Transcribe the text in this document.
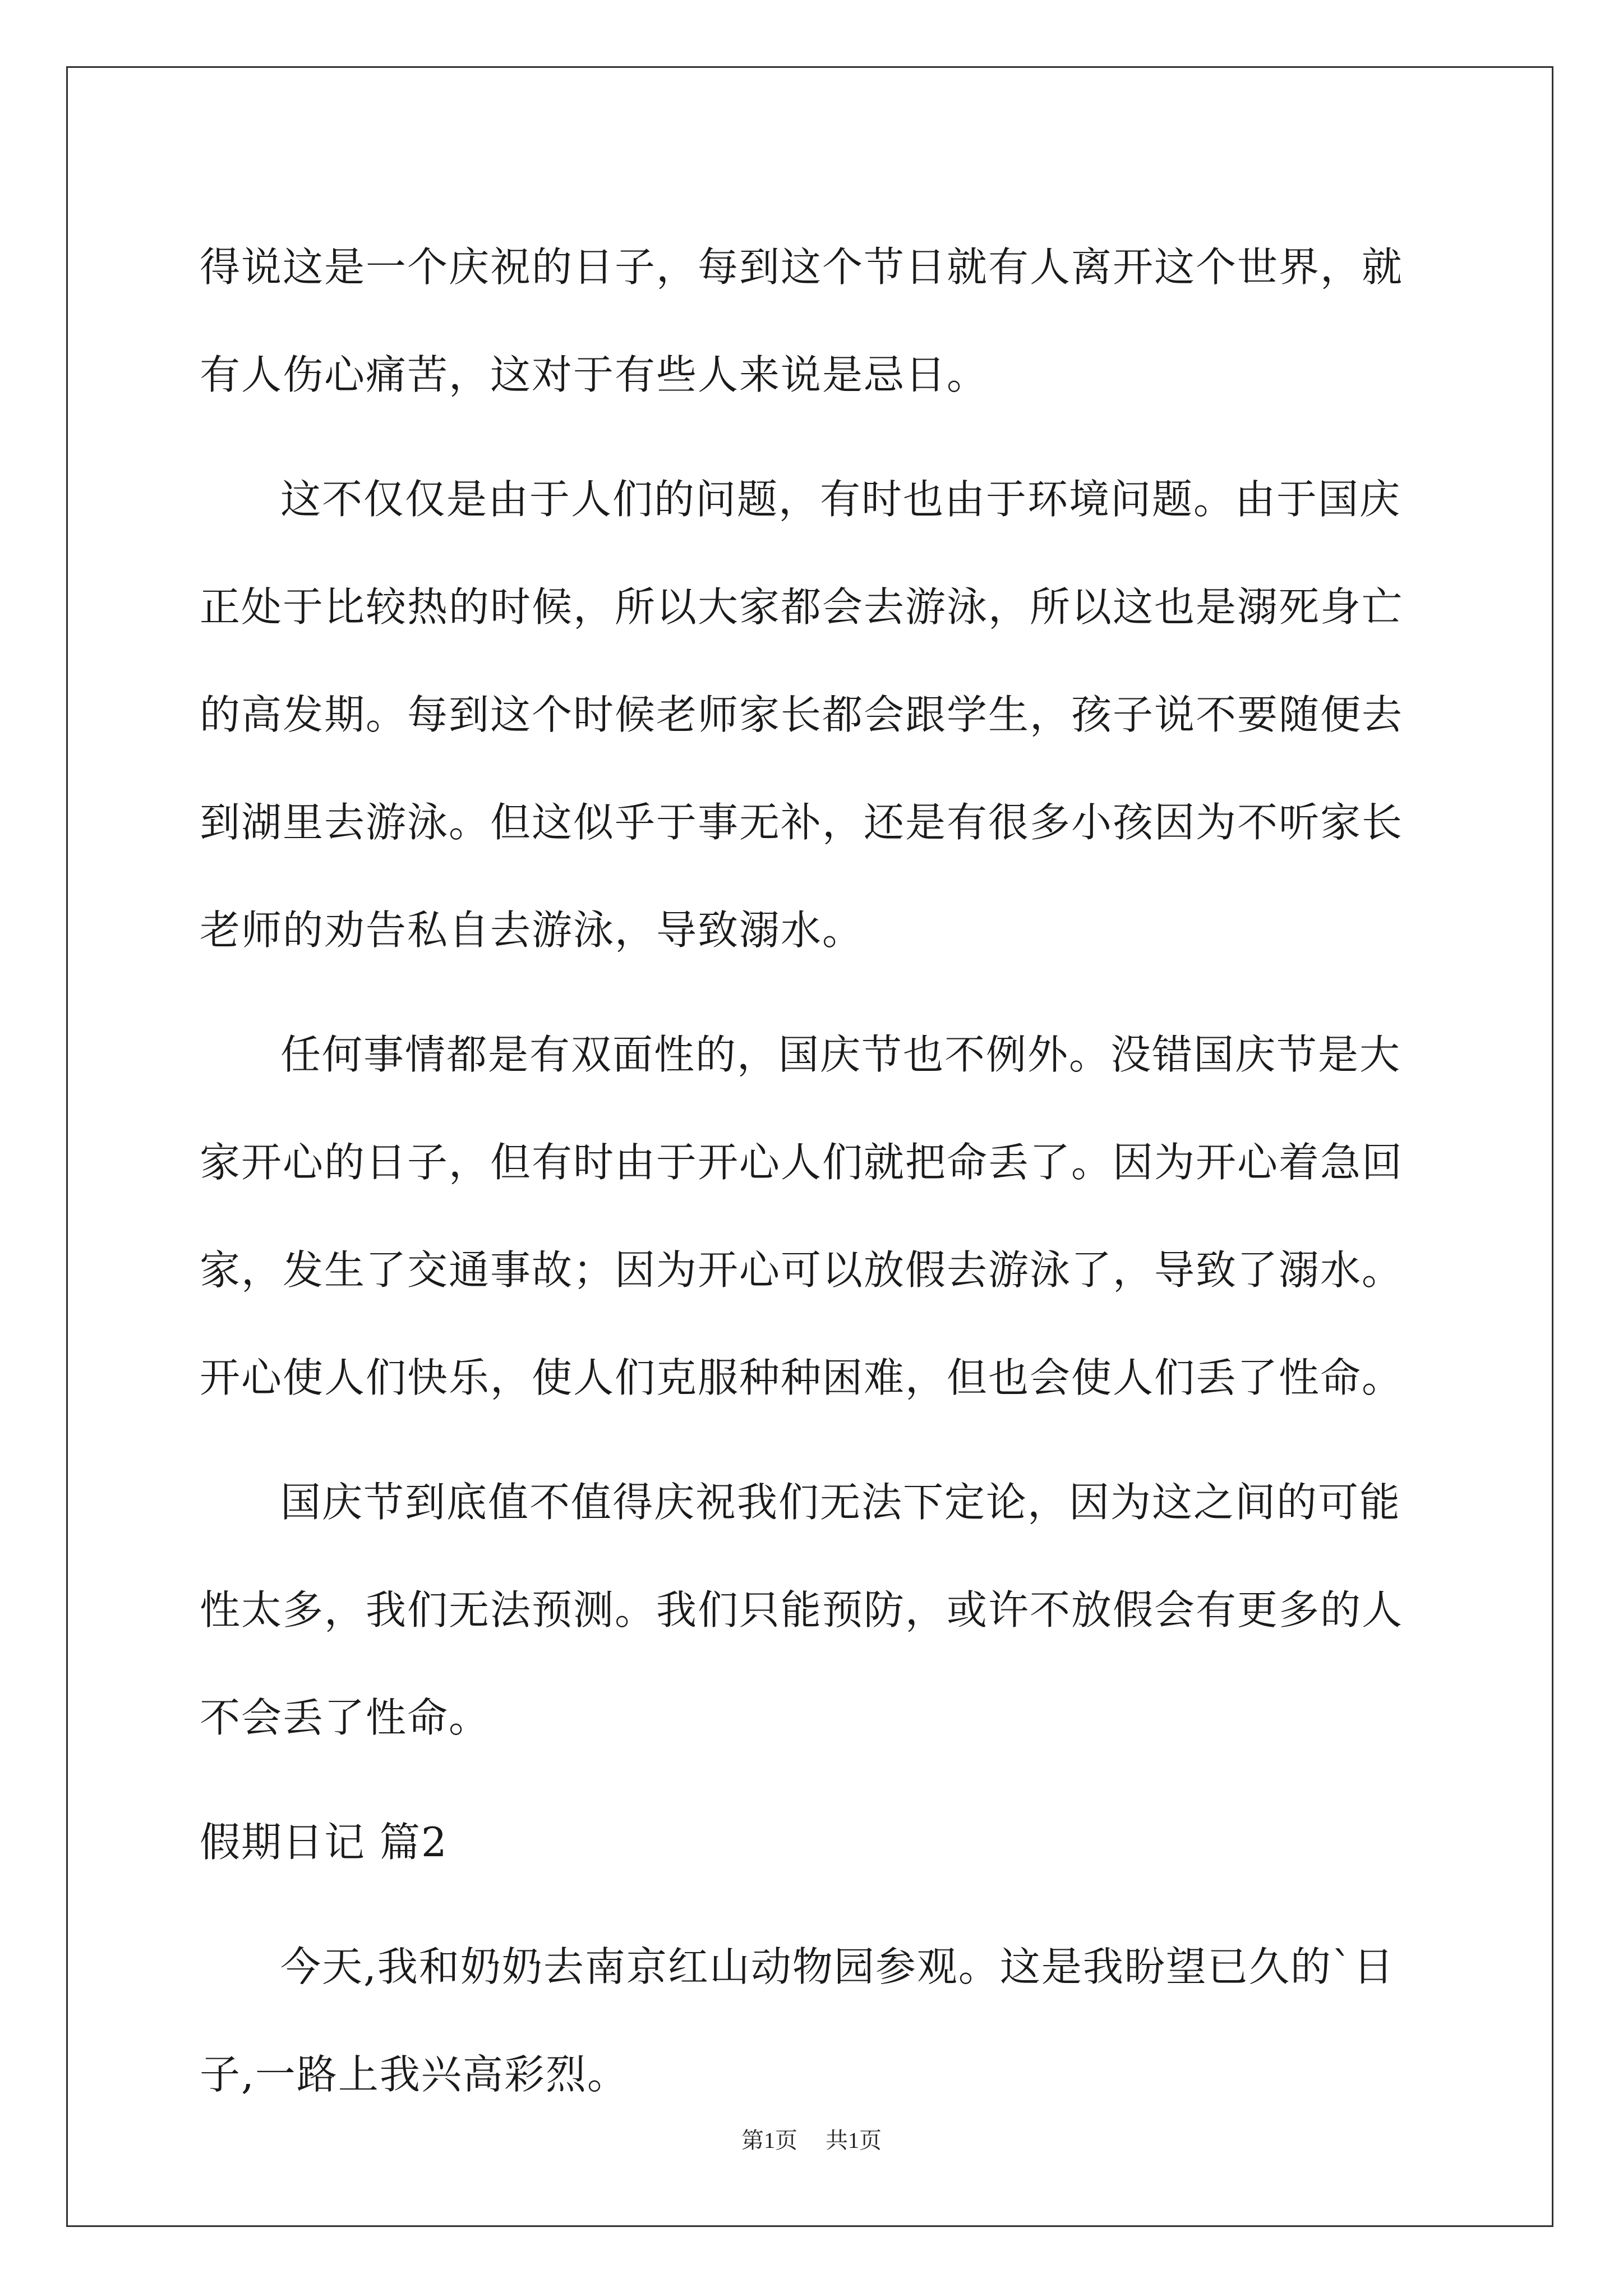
得说这是一个庆祝的日子，每到这个节日就有人离开这个世界，就有人伤心痛苦，这对于有些人来说是忌日。

这不仅仅是由于人们的问题，有时也由于环境问题。由于国庆正处于比较热的时候，所以大家都会去游泳，所以这也是溺死身亡的高发期。每到这个时候老师家长都会跟学生，孩子说不要随便去到湖里去游泳。但这似乎于事无补，还是有很多小孩因为不听家长老师的劝告私自去游泳，导致溺水。

任何事情都是有双面性的，国庆节也不例外。没错国庆节是大家开心的日子，但有时由于开心人们就把命丢了。因为开心着急回家，发生了交通事故；因为开心可以放假去游泳了，导致了溺水。开心使人们快乐，使人们克服种种困难，但也会使人们丢了性命。

国庆节到底值不值得庆祝我们无法下定论，因为这之间的可能性太多，我们无法预测。我们只能预防，或许不放假会有更多的人不会丢了性命。

假期日记 篇2

今天,我和奶奶去南京红山动物园参观。这是我盼望已久的`日子,一路上我兴高彩烈。

第1页 共1页
